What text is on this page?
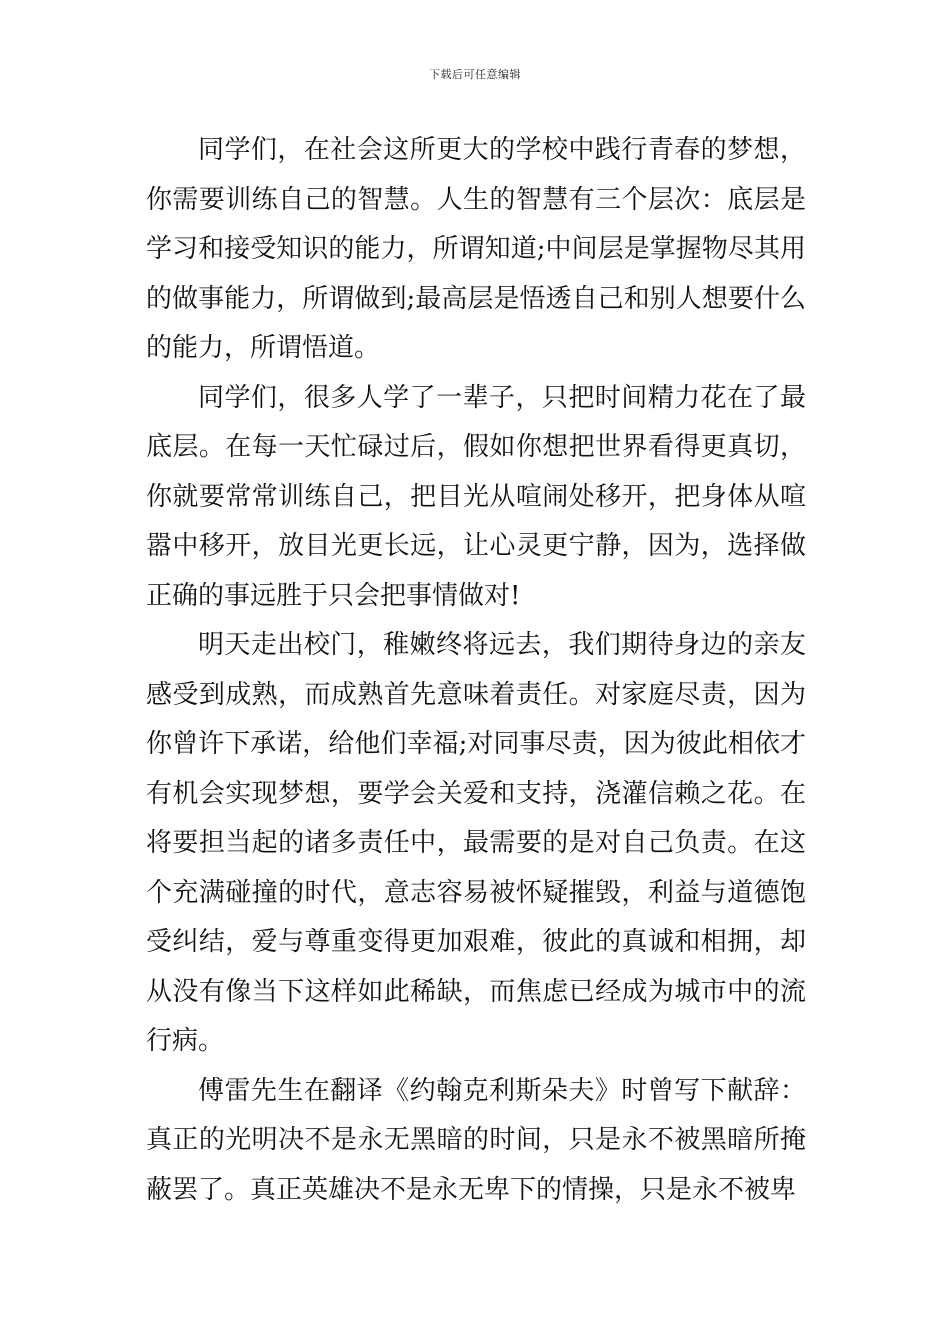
下载后可任意编辑

同学们，在社会这所更大的学校中践行青春的梦想，你需要训练自己的智慧。人生的智慧有三个层次：底层是学习和接受知识的能力，所谓知道;中间层是掌握物尽其用的做事能力，所谓做到;最高层是悟透自己和别人想要什么的能力，所谓悟道。

同学们，很多人学了一辈子，只把时间精力花在了最底层。在每一天忙碌过后，假如你想把世界看得更真切，你就要常常训练自己，把目光从喧闹处移开，把身体从喧嚣中移开，放目光更长远，让心灵更宁静，因为，选择做正确的事远胜于只会把事情做对!

明天走出校门，稚嫩终将远去，我们期待身边的亲友感受到成熟，而成熟首先意味着责任。对家庭尽责，因为你曾许下承诺，给他们幸福;对同事尽责，因为彼此相依才有机会实现梦想，要学会关爱和支持，浇灌信赖之花。在将要担当起的诸多责任中，最需要的是对自己负责。在这个充满碰撞的时代，意志容易被怀疑摧毁，利益与道德饱受纠结，爱与尊重变得更加艰难，彼此的真诚和相拥，却从没有像当下这样如此稀缺，而焦虑已经成为城市中的流行病。

傅雷先生在翻译《约翰克利斯朵夫》时曾写下献辞：真正的光明决不是永无黑暗的时间，只是永不被黑暗所掩蔽罢了。真正英雄决不是永无卑下的情操，只是永不被卑
